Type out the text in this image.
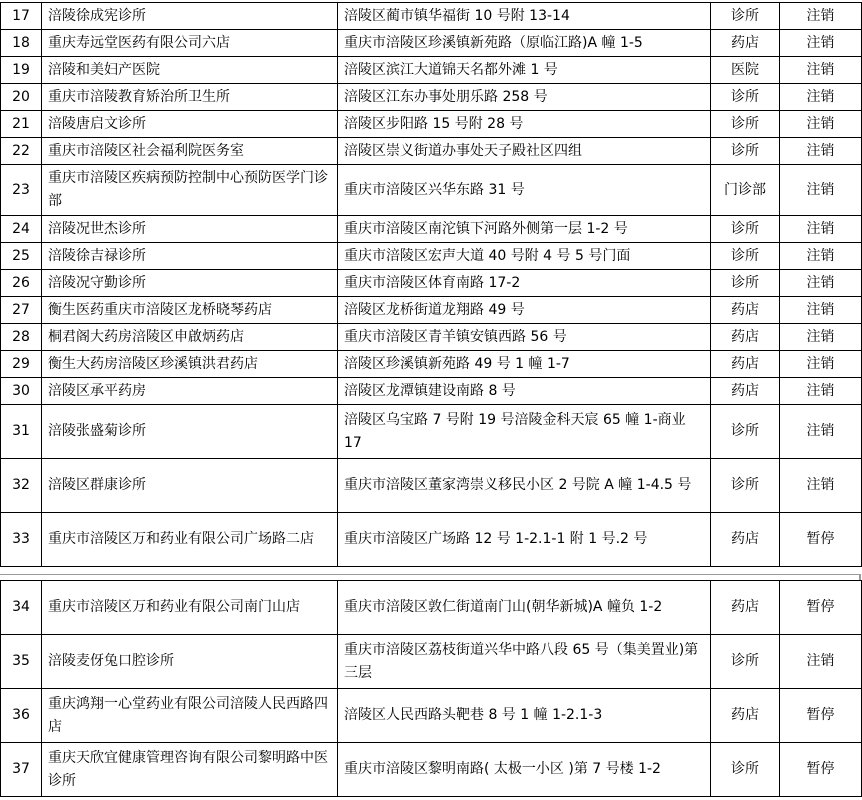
17	涪陵徐成宪诊所	涪陵区蔺市镇华福街 10 号附 13-14	诊所	注销
18	重庆寿远堂医药有限公司六店	重庆市涪陵区珍溪镇新苑路（原临江路)A 幢 1-5	药店	注销
19	涪陵和美妇产医院	涪陵区滨江大道锦天名都外滩 1 号	医院	注销
20	重庆市涪陵教育矫治所卫生所	涪陵区江东办事处朋乐路 258 号	诊所	注销
21	涪陵唐启文诊所	涪陵区步阳路 15 号附 28 号	诊所	注销
22	重庆市涪陵区社会福利院医务室	涪陵区崇义街道办事处天子殿社区四组	诊所	注销
23	重庆市涪陵区疾病预防控制中心预防医学门诊部	重庆市涪陵区兴华东路 31 号	门诊部	注销
24	涪陵况世杰诊所	重庆市涪陵区南沱镇下河路外侧第一层 1-2 号	诊所	注销
25	涪陵徐吉禄诊所	重庆市涪陵区宏声大道 40 号附 4 号 5 号门面	诊所	注销
26	涪陵况守勤诊所	重庆市涪陵区体育南路 17-2	诊所	注销
27	衡生医药重庆市涪陵区龙桥晓琴药店	涪陵区龙桥街道龙翔路 49 号	药店	注销
28	桐君阁大药房涪陵区申啟炳药店	重庆市涪陵区青羊镇安镇西路 56 号	药店	注销
29	衡生大药房涪陵区珍溪镇洪君药店	涪陵区珍溪镇新苑路 49 号 1 幢 1-7	药店	注销
30	涪陵区承平药房	涪陵区龙潭镇建设南路 8 号	药店	注销
31	涪陵张盛菊诊所	涪陵区乌宝路 7 号附 19 号涪陵金科天宸 65 幢 1-商业 17	诊所	注销
32	涪陵区群康诊所	重庆市涪陵区董家湾崇义移民小区 2 号院 A 幢 1-4.5 号	诊所	注销
33	重庆市涪陵区万和药业有限公司广场路二店	重庆市涪陵区广场路 12 号 1-2.1-1 附 1 号.2 号	药店	暂停
34	重庆市涪陵区万和药业有限公司南门山店	重庆市涪陵区敦仁街道南门山(朝华新城)A 幢负 1-2	药店	暂停
35	涪陵麦伢兔口腔诊所	重庆市涪陵区荔枝街道兴华中路八段 65 号（集美置业)第三层	诊所	注销
36	重庆鸿翔一心堂药业有限公司涪陵人民西路四店	涪陵区人民西路头靶巷 8 号 1 幢 1-2.1-3	药店	暂停
37	重庆天欣宜健康管理咨询有限公司黎明路中医诊所	重庆市涪陵区黎明南路( 太极一小区 )第 7 号楼 1-2	诊所	暂停
